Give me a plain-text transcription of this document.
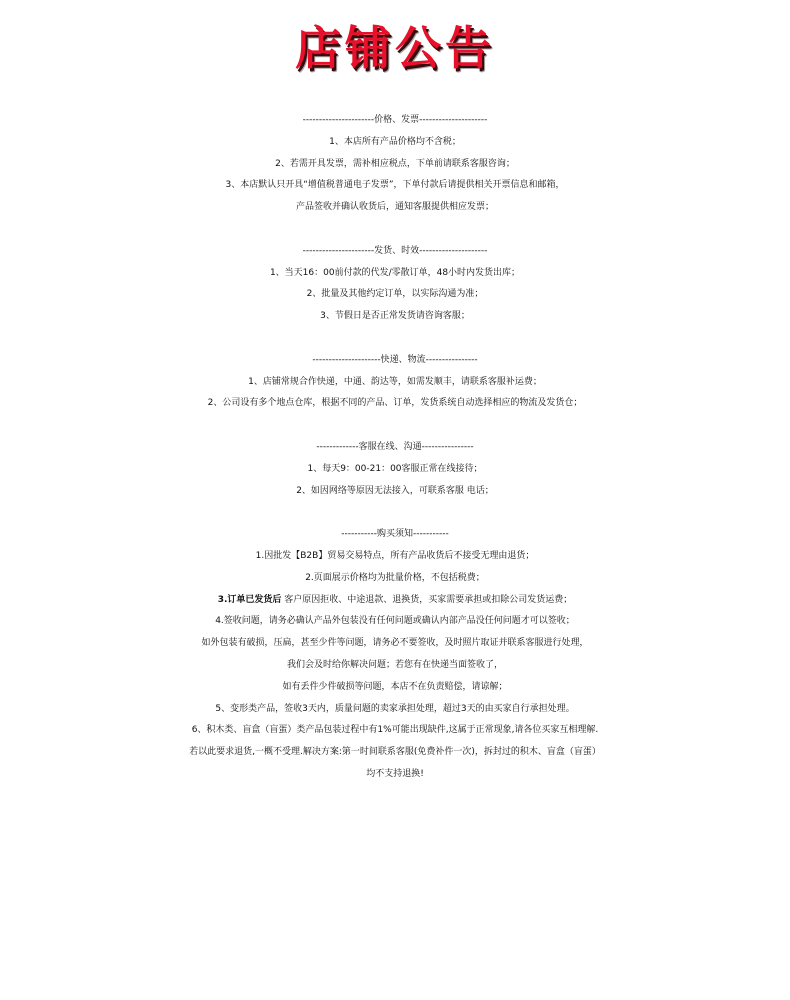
店铺公告
----------------------价格、发票---------------------
1、本店所有产品价格均不含税；
2、若需开具发票，需补相应税点，下单前请联系客服咨询；
3、本店默认只开具“增值税普通电子发票”，下单付款后请提供相关开票信息和邮箱，
产品签收并确认收货后，通知客服提供相应发票；
----------------------发货、时效---------------------
1、当天16：00前付款的代发/零散订单，48小时内发货出库；
2、批量及其他约定订单，以实际沟通为准；
3、节假日是否正常发货请咨询客服；
---------------------快递、物流----------------
1、店铺常规合作快递，中通、韵达等，如需发顺丰，请联系客服补运费；
2、公司设有多个地点仓库，根据不同的产品、订单，发货系统自动选择相应的物流及发货仓；
-------------客服在线、沟通----------------
1、每天9：00-21：00客服正常在线接待；
2、如因网络等原因无法接入，可联系客服 电话；
-----------购买须知-----------
1.因批发【B2B】贸易交易特点，所有产品收货后不接受无理由退货；
2.页面展示价格均为批量价格，不包括税费；
3.订单已发货后 客户原因拒收、中途退款、退换货，买家需要承担或扣除公司发货运费；
4.签收问题，请务必确认产品外包装没有任何问题或确认内部产品没任何问题才可以签收；
如外包装有破损，压扁，甚至少件等问题，请务必不要签收，及时照片取证并联系客服进行处理，
我们会及时给你解决问题；若您有在快递当面签收了，
如有丢件少件破损等问题，本店不在负责赔偿，请谅解；
5、变形类产品，签收3天内，质量问题的卖家承担处理，超过3天的由买家自行承担处理。
6、积木类、盲盒（盲蛋）类产品包装过程中有1%可能出现缺件,这属于正常现象,请各位买家互相理解.
若以此要求退货,一概不受理.解决方案:第一时间联系客服(免费补件一次)，拆封过的积木、盲盒（盲蛋）
均不支持退换!
